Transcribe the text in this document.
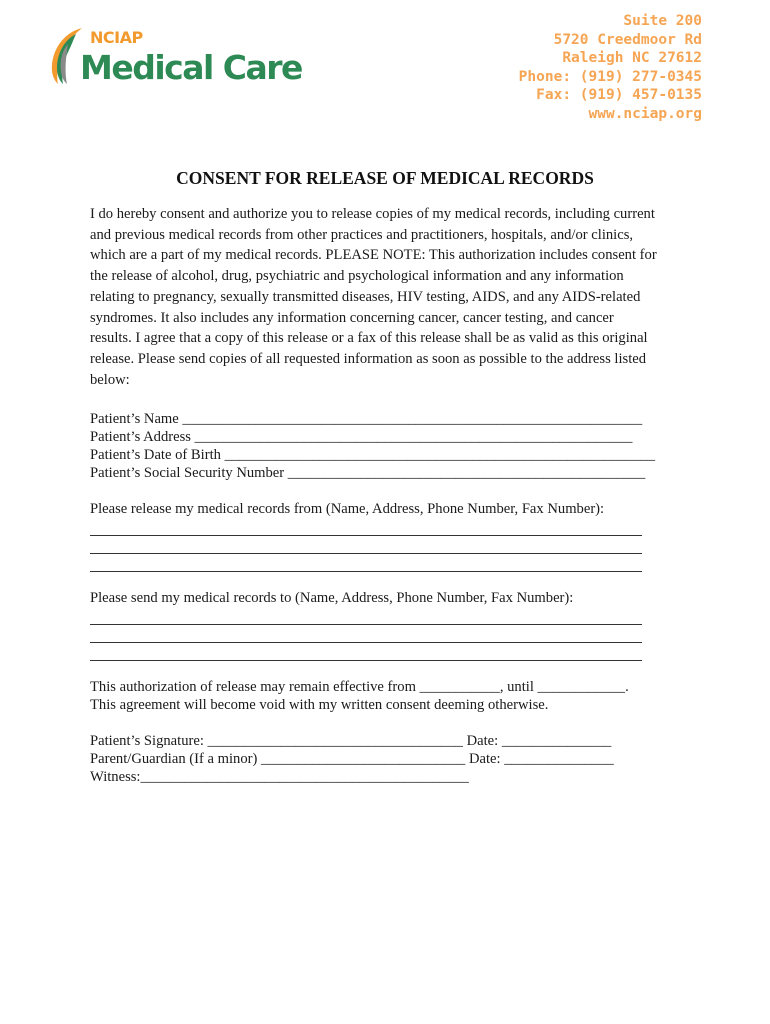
NCIAP
Medical Care
Suite 200
5720 Creedmoor Rd
Raleigh NC 27612
Phone: (919) 277-0345
Fax: (919) 457-0135
www.nciap.org
CONSENT FOR RELEASE OF MEDICAL RECORDS
I do hereby consent and authorize you to release copies of my medical records, including current
and previous medical records from other practices and practitioners, hospitals, and/or clinics,
which are a part of my medical records. PLEASE NOTE: This authorization includes consent for
the release of alcohol, drug, psychiatric and psychological information and any information
relating to pregnancy, sexually transmitted diseases, HIV testing, AIDS, and any AIDS-related
syndromes. It also includes any information concerning cancer, cancer testing, and cancer
results. I agree that a copy of this release or a fax of this release shall be as valid as this original
release. Please send copies of all requested information as soon as possible to the address listed
below:
Patient’s Name _______________________________________________________________
Patient’s Address ____________________________________________________________
Patient’s Date of Birth ___________________________________________________________
Patient’s Social Security Number _________________________________________________
Please release my medical records from (Name, Address, Phone Number, Fax Number):
Please send my medical records to (Name, Address, Phone Number, Fax Number):
This authorization of release may remain effective from ___________, until ____________.
This agreement will become void with my written consent deeming otherwise.
Patient’s Signature: ___________________________________ Date: _______________
Parent/Guardian (If a minor) ____________________________ Date: _______________
Witness:_____________________________________________
